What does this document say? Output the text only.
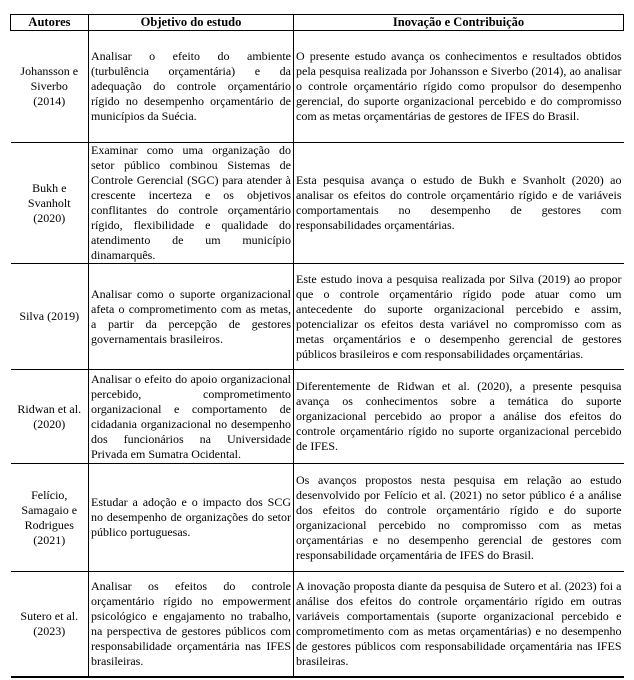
Autores	Objetivo do estudo	Inovação e Contribuição
Johansson e Siverbo (2014)	Analisar o efeito do ambiente (turbulência orçamentária) e da adequação do controle orçamentário rígido no desempenho orçamentário de municípios da Suécia.	O presente estudo avança os conhecimentos e resultados obtidos pela pesquisa realizada por Johansson e Siverbo (2014), ao analisar o controle orçamentário rígido como propulsor do desempenho gerencial, do suporte organizacional percebido e do compromisso com as metas orçamentárias de gestores de IFES do Brasil.
Bukh e Svanholt (2020)	Examinar como uma organização do setor público combinou Sistemas de Controle Gerencial (SGC) para atender à crescente incerteza e os objetivos conflitantes do controle orçamentário rígido, flexibilidade e qualidade do atendimento de um município dinamarquês.	Esta pesquisa avança o estudo de Bukh e Svanholt (2020) ao analisar os efeitos do controle orçamentário rígido e de variáveis comportamentais no desempenho de gestores com responsabilidades orçamentárias.
Silva (2019)	Analisar como o suporte organizacional afeta o comprometimento com as metas, a partir da percepção de gestores governamentais brasileiros.	Este estudo inova a pesquisa realizada por Silva (2019) ao propor que o controle orçamentário rígido pode atuar como um antecedente do suporte organizacional percebido e assim, potencializar os efeitos desta variável no compromisso com as metas orçamentários e o desempenho gerencial de gestores públicos brasileiros e com responsabilidades orçamentárias.
Ridwan et al. (2020)	Analisar o efeito do apoio organizacional percebido, comprometimento organizacional e comportamento de cidadania organizacional no desempenho dos funcionários na Universidade Privada em Sumatra Ocidental.	Diferentemente de Ridwan et al. (2020), a presente pesquisa avança os conhecimentos sobre a temática do suporte organizacional percebido ao propor a análise dos efeitos do controle orçamentário rígido no suporte organizacional percebido de IFES.
Felício, Samagaio e Rodrigues (2021)	Estudar a adoção e o impacto dos SCG no desempenho de organizações do setor público portuguesas.	Os avanços propostos nesta pesquisa em relação ao estudo desenvolvido por Felício et al. (2021) no setor público é a análise dos efeitos do controle orçamentário rígido e do suporte organizacional percebido no compromisso com as metas orçamentárias e no desempenho gerencial de gestores com responsabilidade orçamentária de IFES do Brasil.
Sutero et al. (2023)	Analisar os efeitos do controle orçamentário rígido no empowerment psicológico e engajamento no trabalho, na perspectiva de gestores públicos com responsabilidade orçamentária nas IFES brasileiras.	A inovação proposta diante da pesquisa de Sutero et al. (2023) foi a análise dos efeitos do controle orçamentário rígido em outras variáveis comportamentais (suporte organizacional percebido e comprometimento com as metas orçamentárias) e no desempenho de gestores públicos com responsabilidade orçamentária nas IFES brasileiras.
